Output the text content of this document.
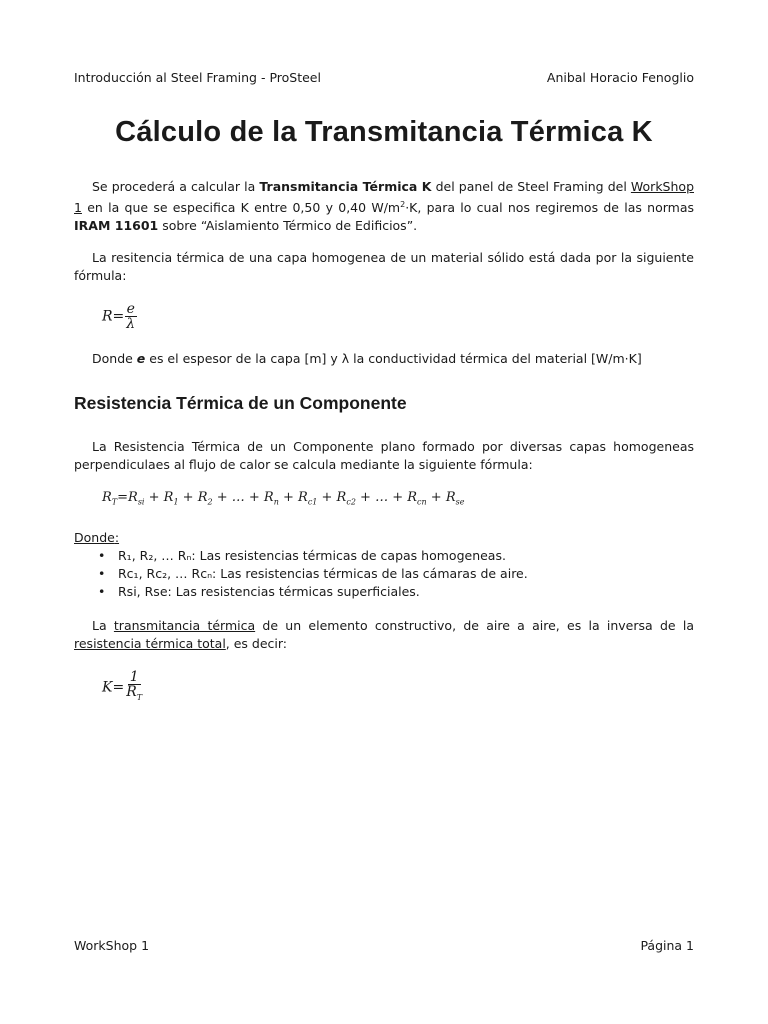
Introducción al Steel Framing - ProSteel	Anibal Horacio Fenoglio
Cálculo de la Transmitancia Térmica K

Se procederá a calcular la Transmitancia Térmica K del panel de Steel Framing del WorkShop 1 en la que se especifica K entre 0,50 y 0,40 $W/m^2\cdot K$, para lo cual nos regiremos de las normas IRAM 11601 sobre “Aislamiento Térmico de Edificios”.

La resitencia térmica de una capa homogenea de un material sólido está dada por la siguiente fórmula:

$R= \frac{e}{\lambda}$

Donde e es el espesor de la capa [m] y λ la conductividad térmica del material [W/m·K]

Resistencia Térmica de un Componente

La Resistencia Térmica de un Componente plano formado por diversas capas homogeneas perpendiculaes al flujo de calor se calcula mediante la siguiente fórmula:

$R_T=R_{si} + R_1 + R_2$ + … + $R_n + R_{c1} + R_{c2}$ + … + $R_{cn} + R_{se}$
Donde:
• R₁, R₂, … Rₙ: Las resistencias térmicas de capas homogeneas.
• Rc₁, Rc₂, … Rcₙ: Las resistencias térmicas de las cámaras de aire.
• Rsi, Rse: Las resistencias térmicas superficiales.

La transmitancia térmica de un elemento constructivo, de aire a aire, es la inversa de la resistencia térmica total, es decir:

$K= \frac{1}{R_T}$
WorkShop 1	Página 1
